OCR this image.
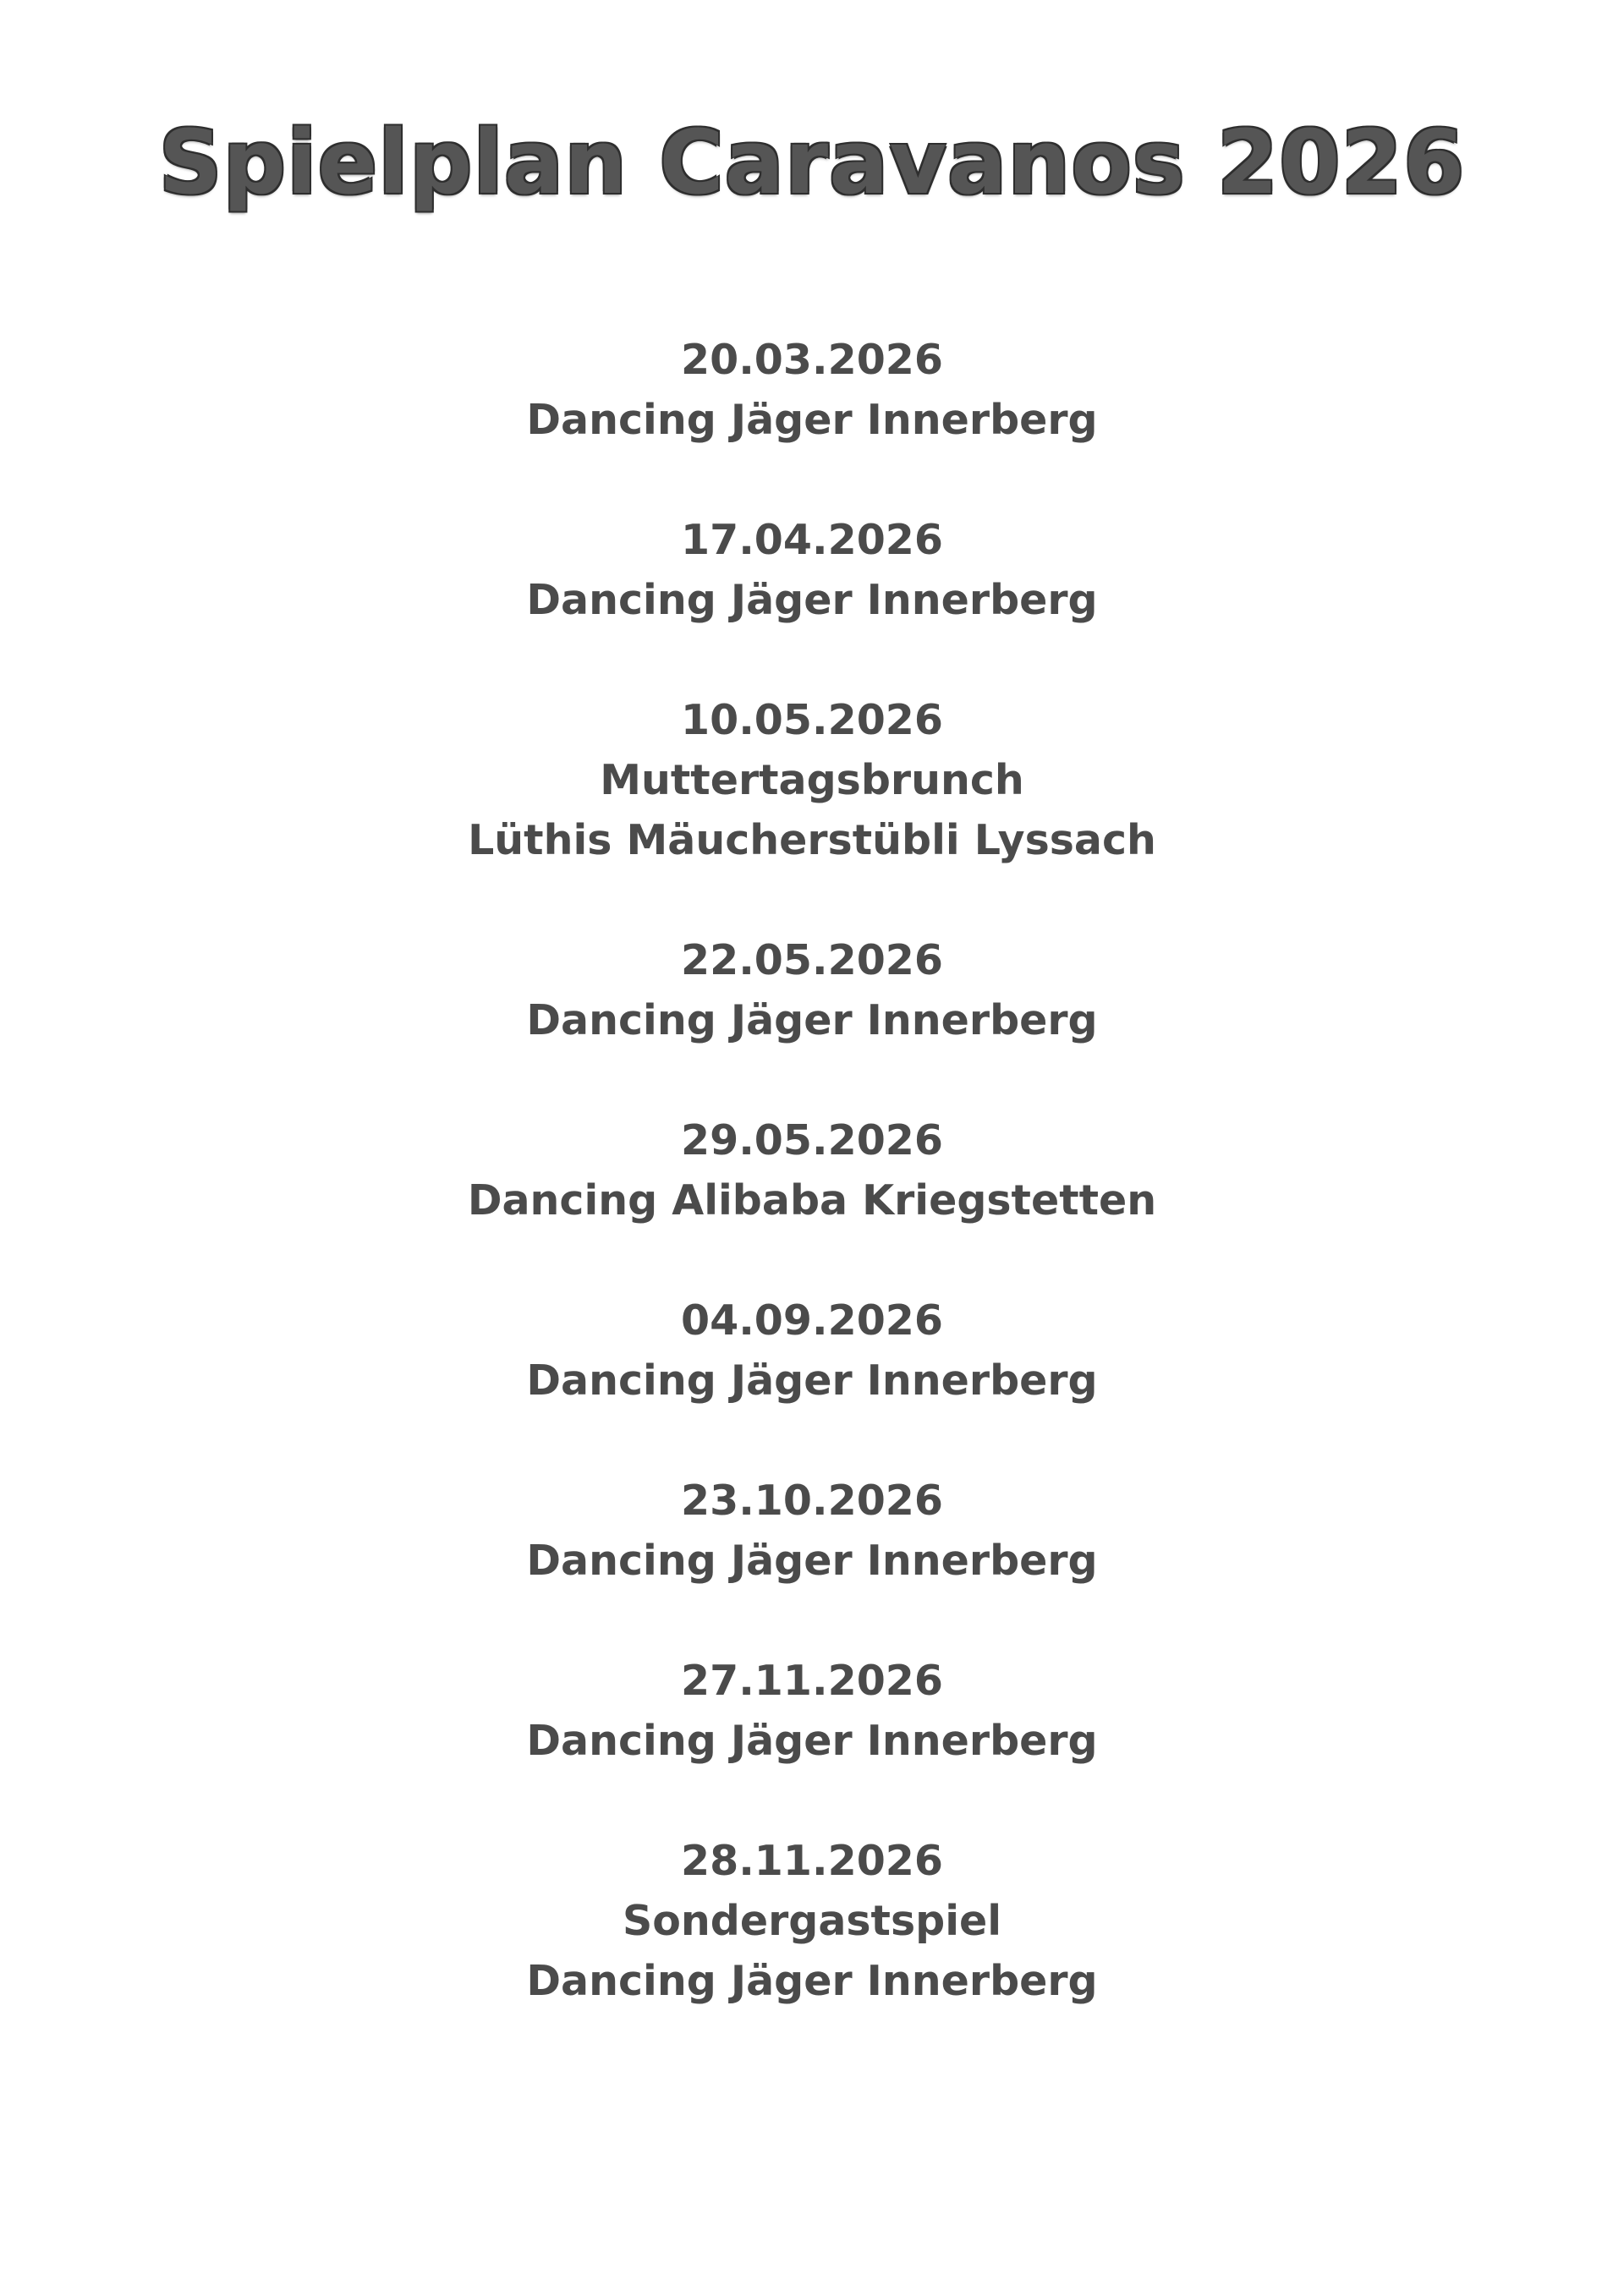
Spielplan Caravanos 2026
20.03.2026
Dancing Jäger Innerberg
17.04.2026
Dancing Jäger Innerberg
10.05.2026
Muttertagsbrunch
Lüthis Mäucherstübli Lyssach
22.05.2026
Dancing Jäger Innerberg
29.05.2026
Dancing Alibaba Kriegstetten
04.09.2026
Dancing Jäger Innerberg
23.10.2026
Dancing Jäger Innerberg
27.11.2026
Dancing Jäger Innerberg
28.11.2026
Sondergastspiel
Dancing Jäger Innerberg
